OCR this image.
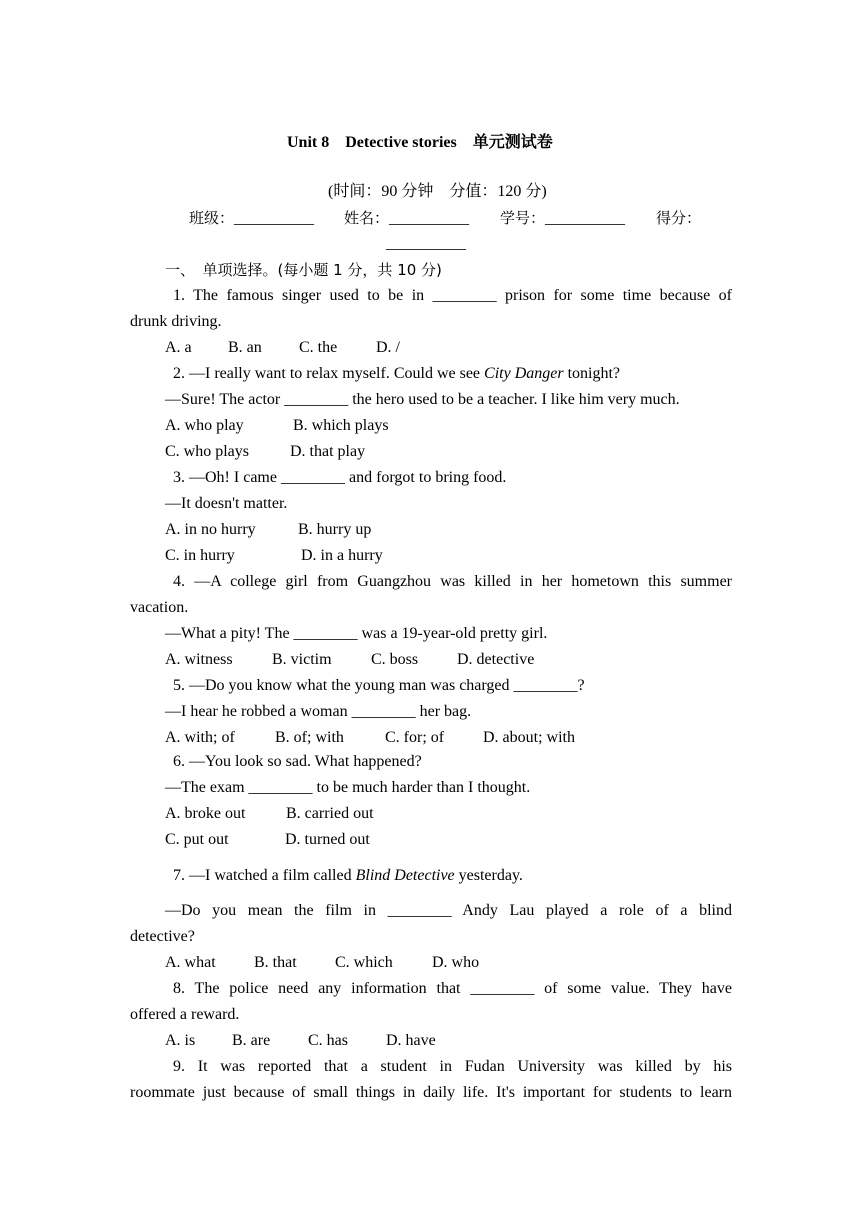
Unit 8　Detective stories　单元测试卷
(时间：90 分钟　分值：120 分)
班级：__________ 姓名：__________ 学号：__________ 得分：
__________
一、　单项选择。(每小题 1 分，共 10 分)
1. The famous singer used to be in ________ prison for some time because of
drunk driving.
A. a B. an C. the D. /
2. —I really want to relax myself. Could we see City Danger tonight?
—Sure! The actor ________ the hero used to be a teacher. I like him very much.
A. who play	B. which plays
C. who plays	D. that play
3. —Oh! I came ________ and forgot to bring food.
—It doesn't matter.
A. in no hurry	B. hurry up
C. in hurry	D. in a hurry
4. —A college girl from Guangzhou was killed in her hometown this summer
vacation.
—What a pity! The ________ was a 19-year-old pretty girl.
A. witness B. victim C. boss D. detective
5. —Do you know what the young man was charged ________?
—I hear he robbed a woman ________ her bag.
A. with; of	B. of; with	C. for; of D. about; with
6. —You look so sad. What happened?
—The exam ________ to be much harder than I thought.
A. broke out	B. carried out
C. put out	D. turned out
7. —I watched a film called Blind Detective yesterday.
—Do you mean the film in ________ Andy Lau played a role of a blind
detective?
A. what B. that C. which D. who
8. The police need any information that ________ of some value. They have
offered a reward.
A. is B. are C. has D. have
9. It was reported that a student in Fudan University was killed by his
roommate just because of small things in daily life. It's important for students to learn
